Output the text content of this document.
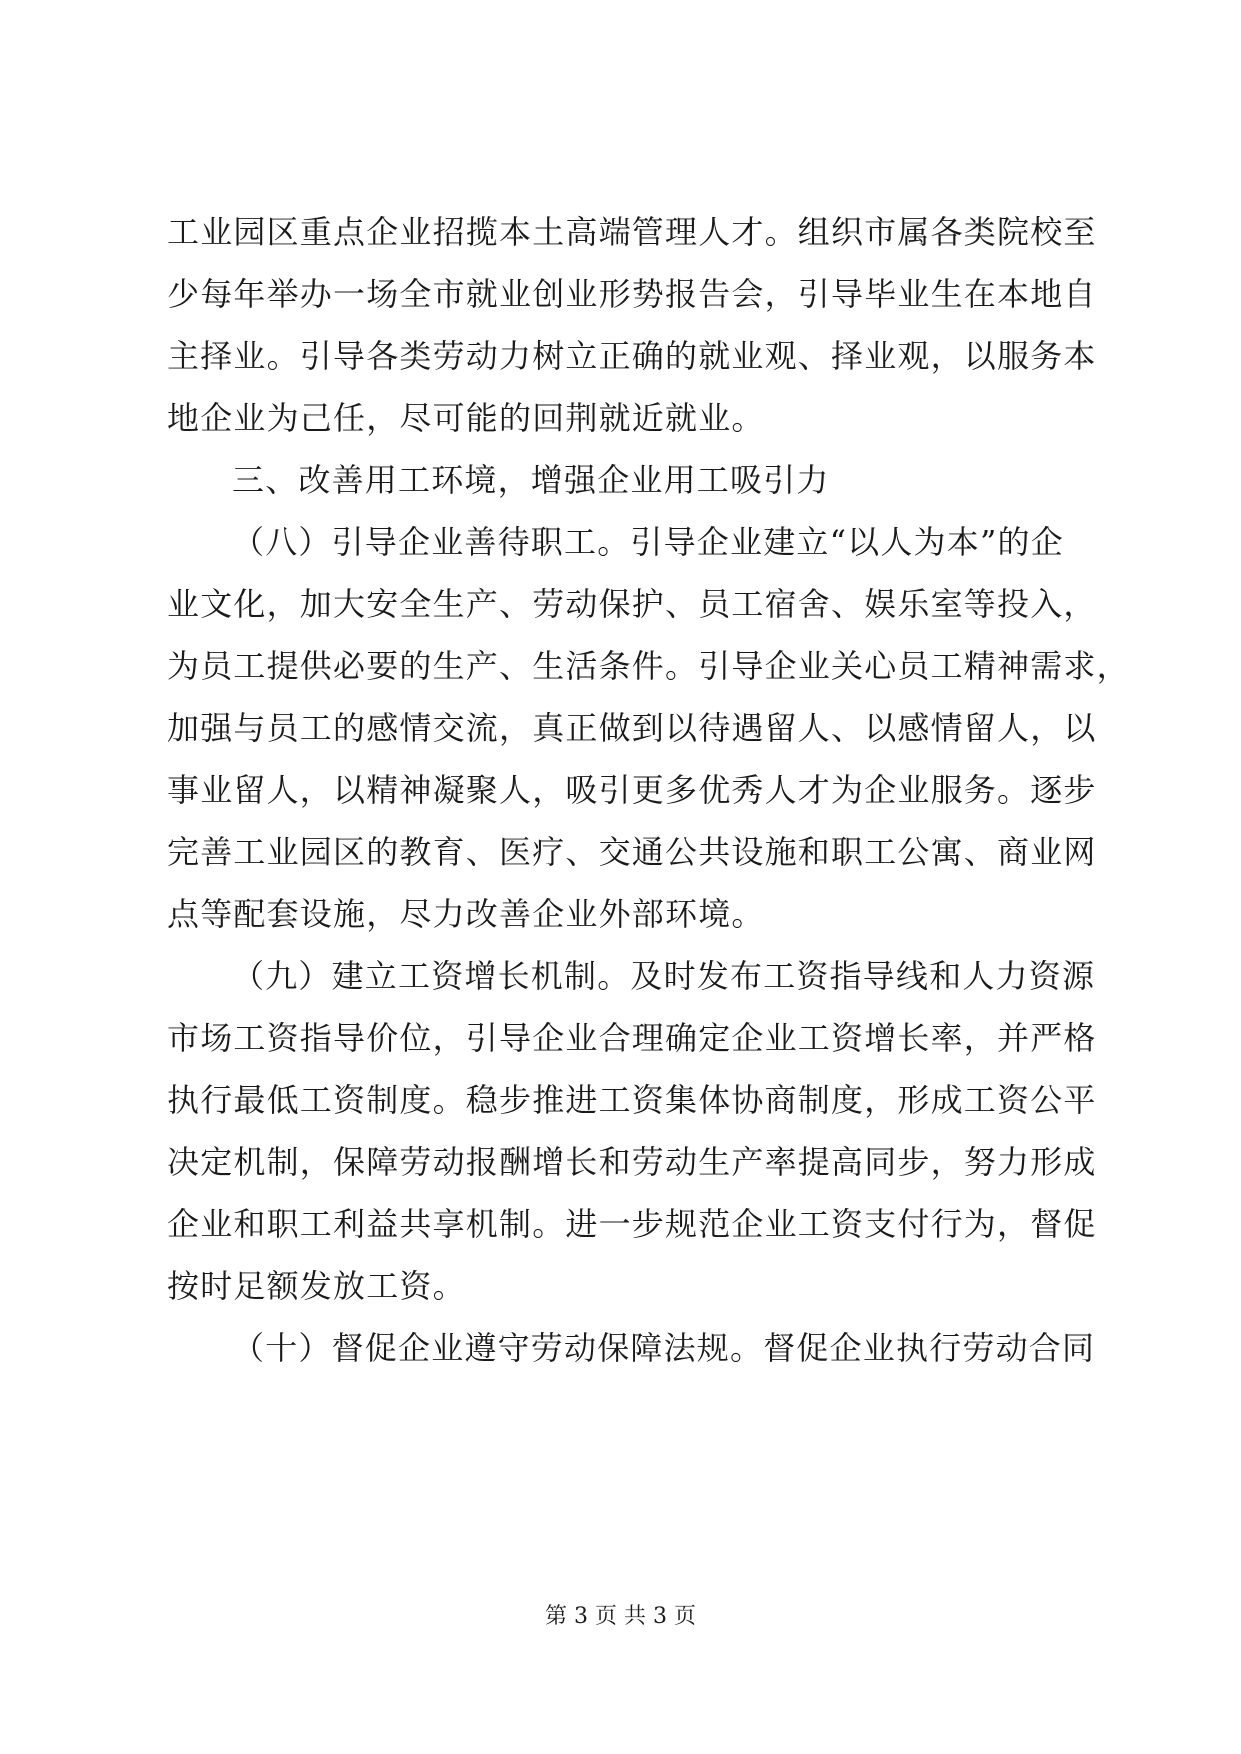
工业园区重点企业招揽本土高端管理人才。组织市属各类院校至
少每年举办一场全市就业创业形势报告会，引导毕业生在本地自
主择业。引导各类劳动力树立正确的就业观、择业观，以服务本
地企业为己任，尽可能的回荆就近就业。
三、改善用工环境，增强企业用工吸引力
（八）引导企业善待职工。引导企业建立“以人为本”的企
业文化，加大安全生产、劳动保护、员工宿舍、娱乐室等投入，
为员工提供必要的生产、生活条件。引导企业关心员工精神需求，
加强与员工的感情交流，真正做到以待遇留人、以感情留人，以
事业留人，以精神凝聚人，吸引更多优秀人才为企业服务。逐步
完善工业园区的教育、医疗、交通公共设施和职工公寓、商业网
点等配套设施，尽力改善企业外部环境。
（九）建立工资增长机制。及时发布工资指导线和人力资源
市场工资指导价位，引导企业合理确定企业工资增长率，并严格
执行最低工资制度。稳步推进工资集体协商制度，形成工资公平
决定机制，保障劳动报酬增长和劳动生产率提高同步，努力形成
企业和职工利益共享机制。进一步规范企业工资支付行为，督促
按时足额发放工资。
（十）督促企业遵守劳动保障法规。督促企业执行劳动合同
第 3 页 共 3 页
